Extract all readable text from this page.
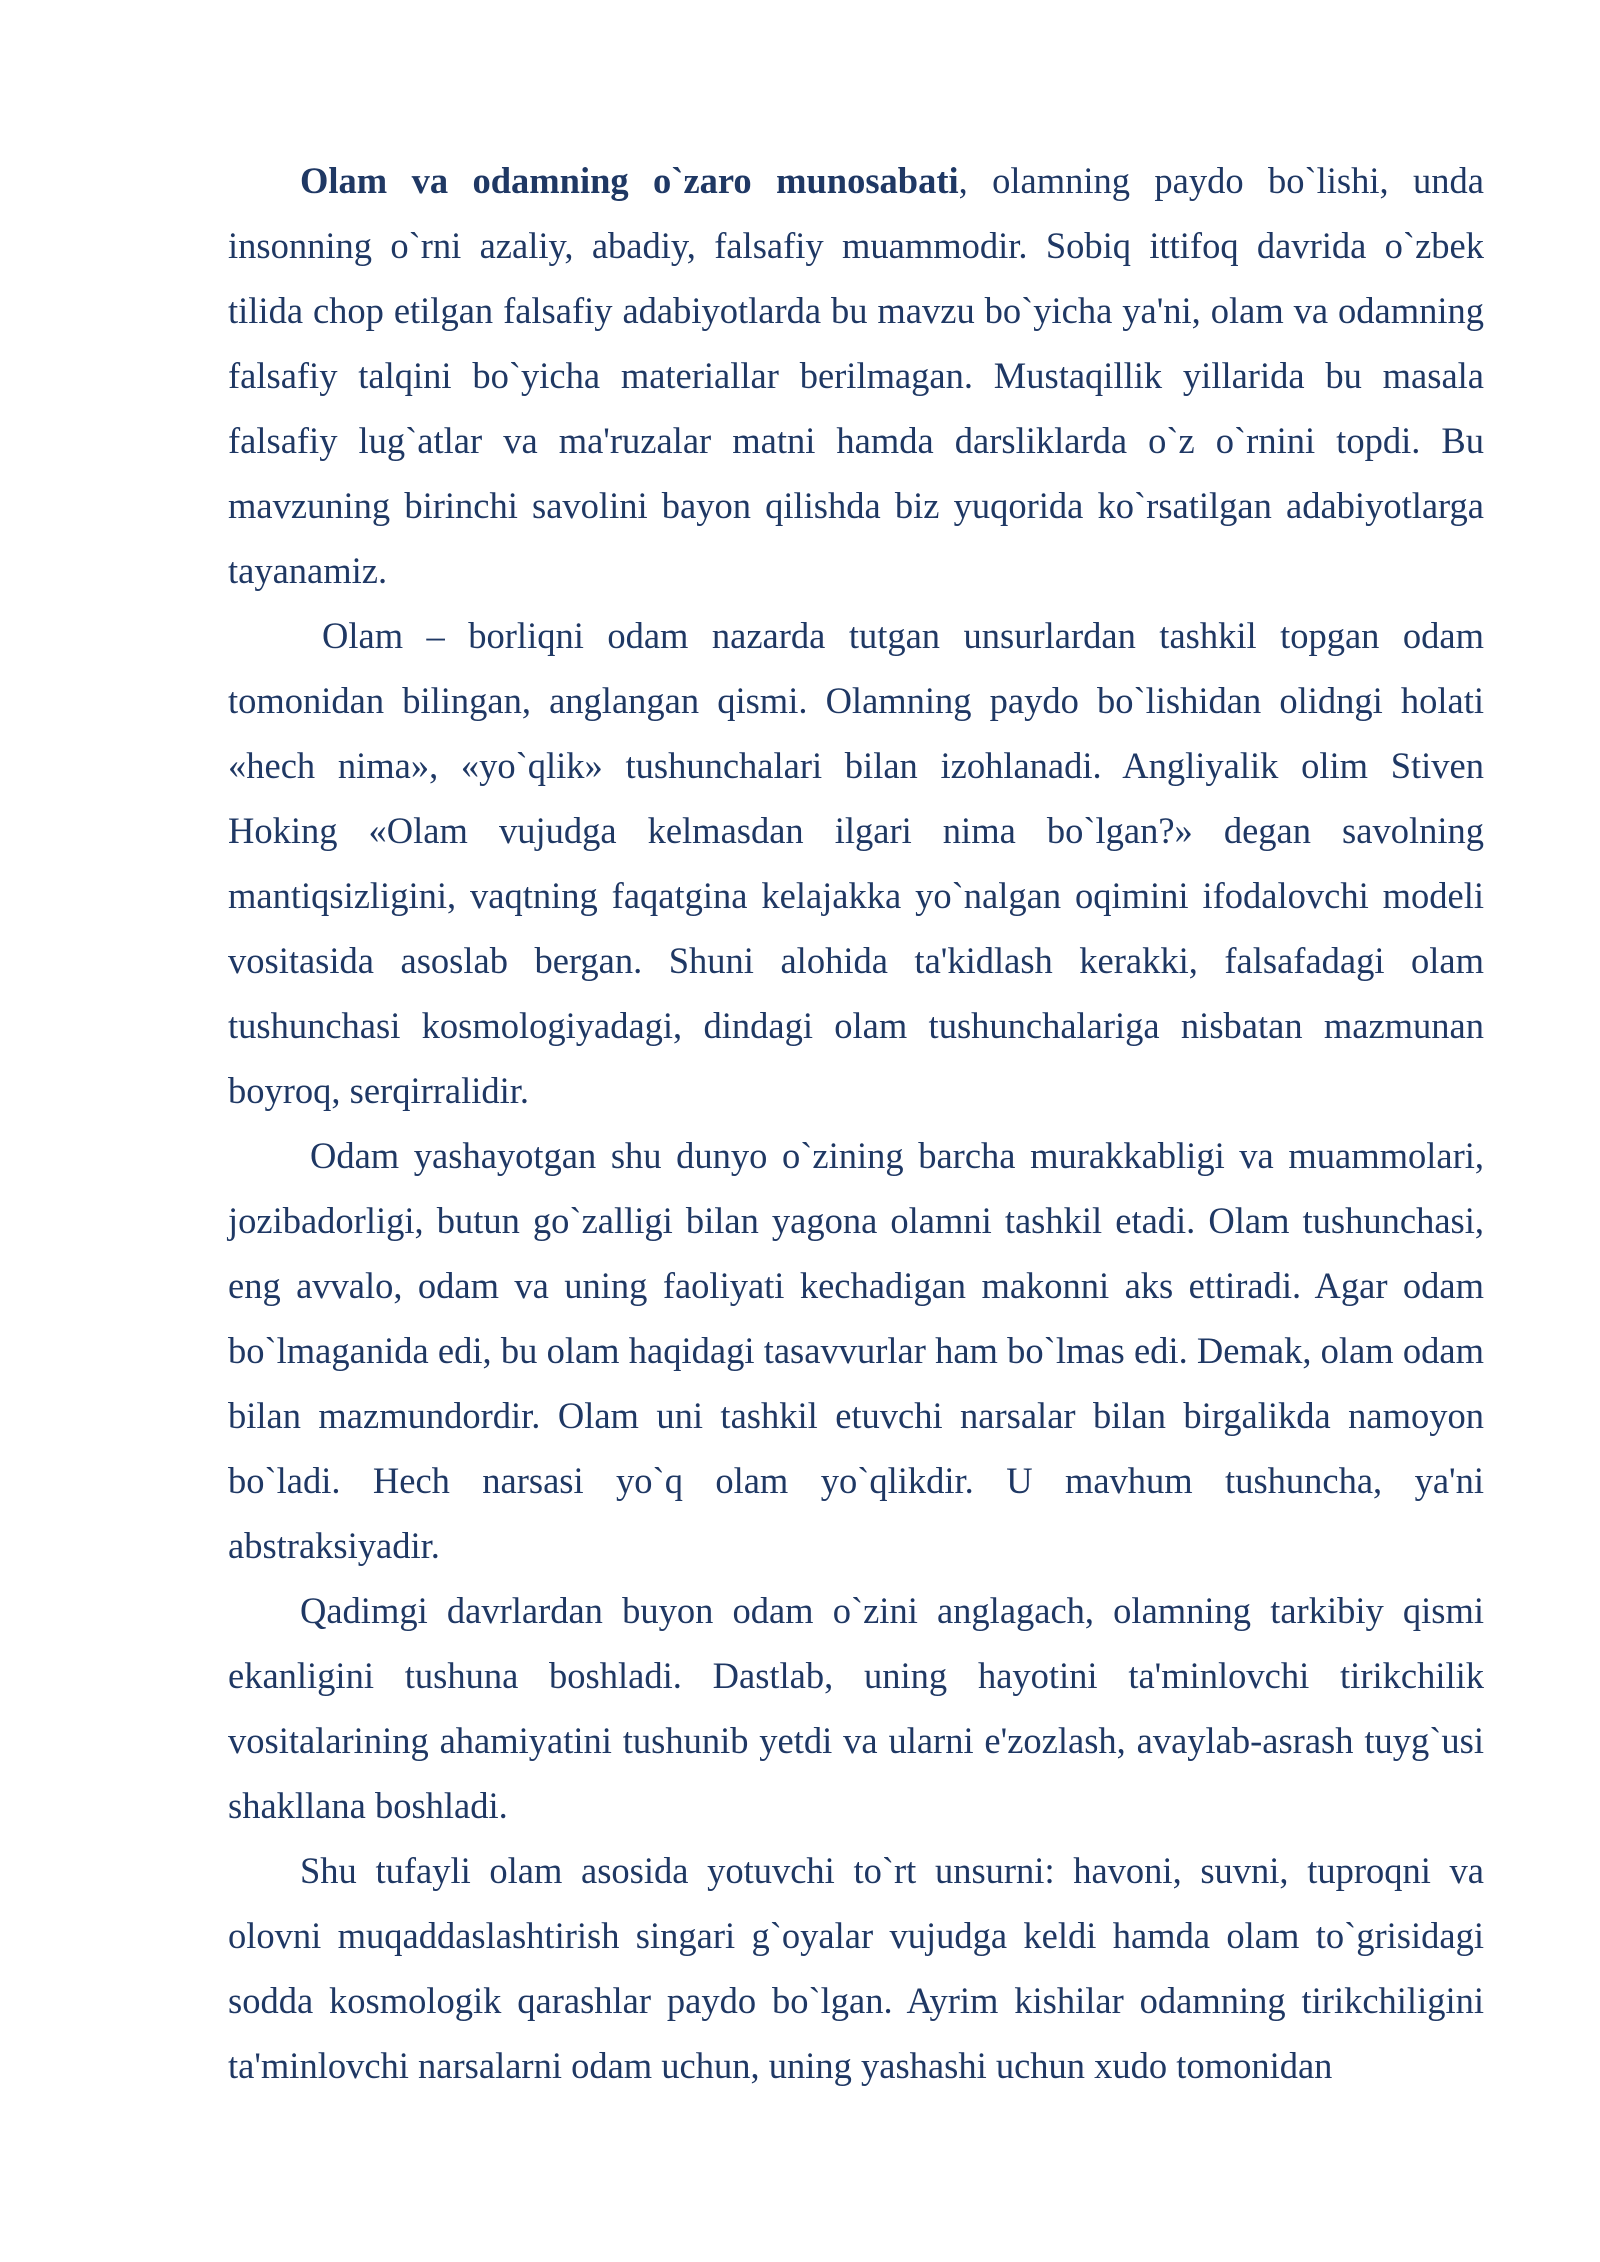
Olam va odamning o`zaro munosabati, olamning paydo bo`lishi, unda insonning o`rni azaliy, abadiy, falsafiy muammodir. Sobiq ittifoq davrida o`zbek tilida chop etilgan falsafiy adabiyotlarda bu mavzu bo`yicha ya'ni, olam va odamning falsafiy talqini bo`yicha materiallar berilmagan. Mustaqillik yillarida bu masala falsafiy lug`atlar va ma'ruzalar matni hamda darsliklarda o`z o`rnini topdi. Bu mavzuning birinchi savolini bayon qilishda biz yuqorida ko`rsatilgan adabiyotlarga tayanamiz.

Olam – borliqni odam nazarda tutgan unsurlardan tashkil topgan odam tomonidan bilingan, anglangan qismi. Olamning paydo bo`lishidan olidngi holati «hech nima», «yo`qlik» tushunchalari bilan izohlanadi. Angliyalik olim Stiven Hoking «Olam vujudga kelmasdan ilgari nima bo`lgan?» degan savolning mantiqsizligini, vaqtning faqatgina kelajakka yo`nalgan oqimini ifodalovchi modeli vositasida asoslab bergan. Shuni alohida ta'kidlash kerakki, falsafadagi olam tushunchasi kosmologiyadagi, dindagi olam tushunchalariga nisbatan mazmunan boyroq, serqirralidir.

Odam yashayotgan shu dunyo o`zining barcha murakkabligi va muammolari, jozibadorligi, butun go`zalligi bilan yagona olamni tashkil etadi. Olam tushunchasi, eng avvalo, odam va uning faoliyati kechadigan makonni aks ettiradi. Agar odam bo`lmaganida edi, bu olam haqidagi tasavvurlar ham bo`lmas edi. Demak, olam odam bilan mazmundordir. Olam uni tashkil etuvchi narsalar bilan birgalikda namoyon bo`ladi. Hech narsasi yo`q olam yo`qlikdir. U mavhum tushuncha, ya'ni abstraksiyadir.

Qadimgi davrlardan buyon odam o`zini anglagach, olamning tarkibiy qismi ekanligini tushuna boshladi. Dastlab, uning hayotini ta'minlovchi tirikchilik vositalarining ahamiyatini tushunib yetdi va ularni e'zozlash, avaylab-asrash tuyg`usi shakllana boshladi.

Shu tufayli olam asosida yotuvchi to`rt unsurni: havoni, suvni, tuproqni va olovni muqaddaslashtirish singari g`oyalar vujudga keldi hamda olam to`grisidagi sodda kosmologik qarashlar paydo bo`lgan. Ayrim kishilar odamning tirikchiligini ta'minlovchi narsalarni odam uchun, uning yashashi uchun xudo tomonidan
